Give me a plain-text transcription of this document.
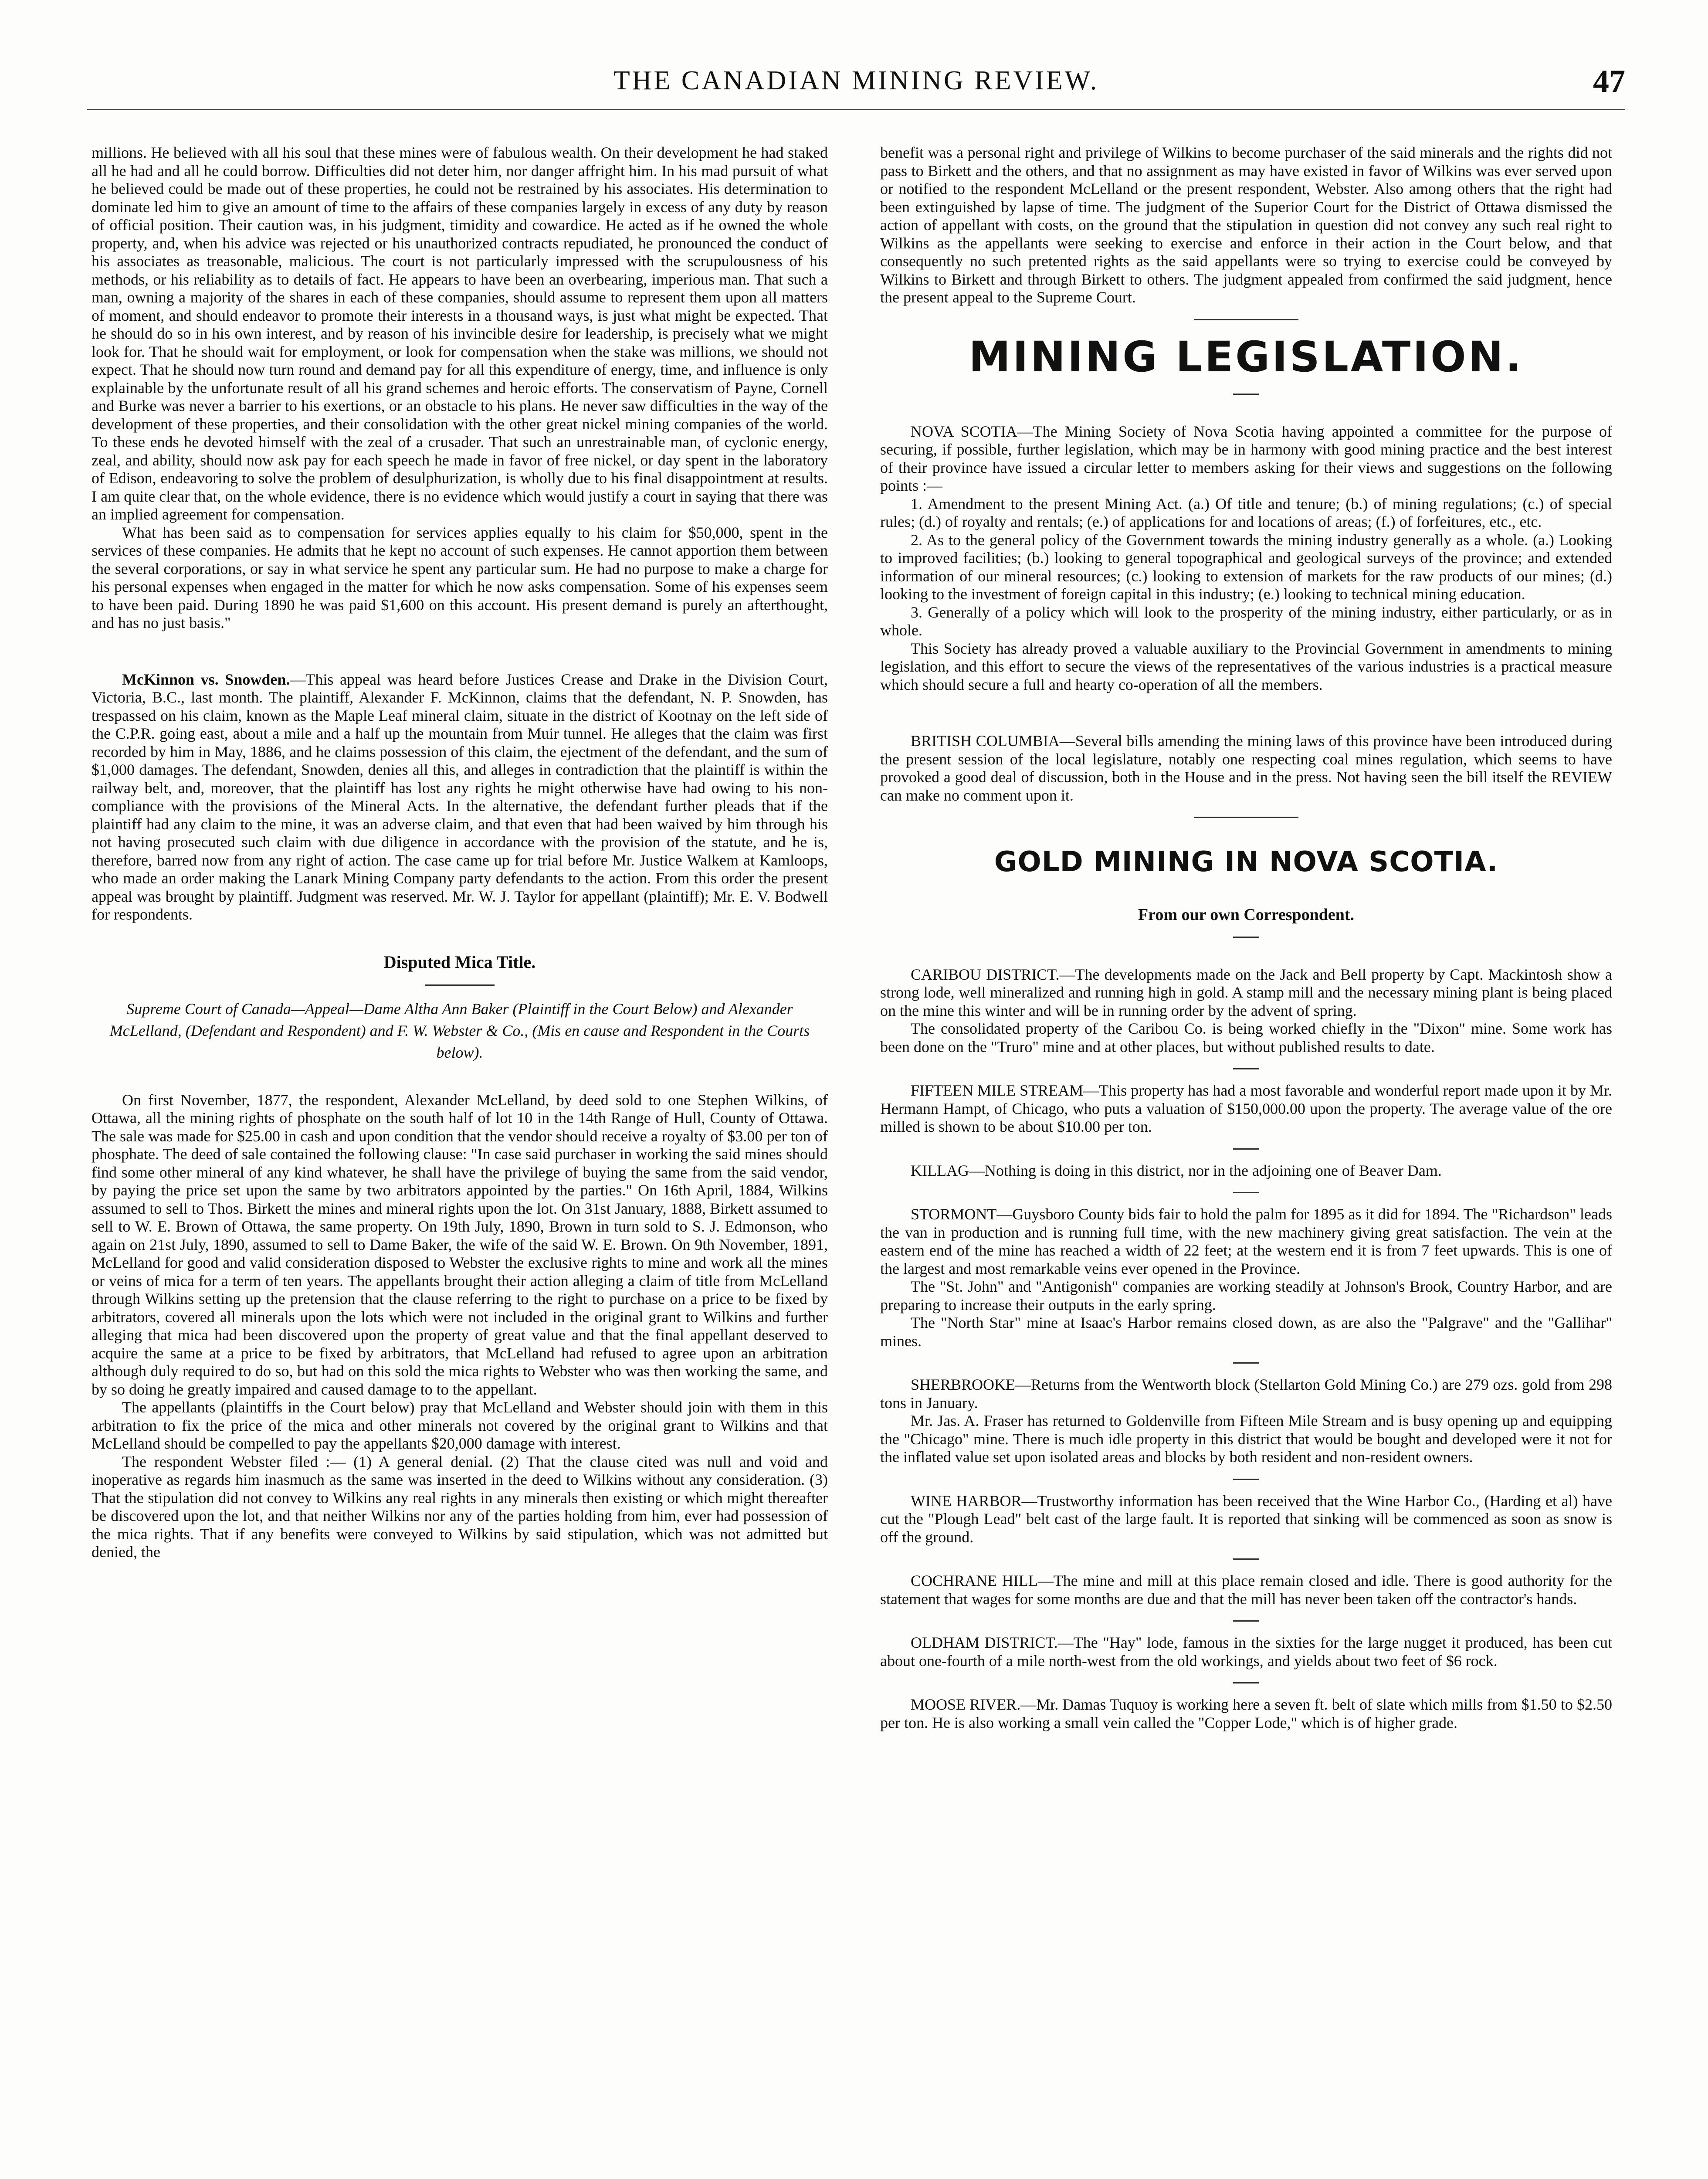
THE CANADIAN MINING REVIEW.	47

millions. He believed with all his soul that these mines were of fabulous wealth. On their development he had staked all he had and all he could borrow. Difficulties did not deter him, nor danger affright him. In his mad pursuit of what he believed could be made out of these properties, he could not be restrained by his associates. His determination to dominate led him to give an amount of time to the affairs of these companies largely in excess of any duty by reason of official position. Their caution was, in his judgment, timidity and cowardice. He acted as if he owned the whole property, and, when his advice was rejected or his unauthorized contracts repudiated, he pronounced the conduct of his associates as treasonable, malicious. The court is not particularly impressed with the scrupulousness of his methods, or his reliability as to details of fact. He appears to have been an overbearing, imperious man. That such a man, owning a majority of the shares in each of these companies, should assume to represent them upon all matters of moment, and should endeavor to promote their interests in a thousand ways, is just what might be expected. That he should do so in his own interest, and by reason of his invincible desire for leadership, is precisely what we might look for. That he should wait for employment, or look for compensation when the stake was millions, we should not expect. That he should now turn round and demand pay for all this expenditure of energy, time, and influence is only explainable by the unfortunate result of all his grand schemes and heroic efforts. The conservatism of Payne, Cornell and Burke was never a barrier to his exertions, or an obstacle to his plans. He never saw difficulties in the way of the development of these properties, and their consolidation with the other great nickel mining companies of the world. To these ends he devoted himself with the zeal of a crusader. That such an unrestrainable man, of cyclonic energy, zeal, and ability, should now ask pay for each speech he made in favor of free nickel, or day spent in the laboratory of Edison, endeavoring to solve the problem of desulphurization, is wholly due to his final disappointment at results. I am quite clear that, on the whole evidence, there is no evidence which would justify a court in saying that there was an implied agreement for compensation.

What has been said as to compensation for services applies equally to his claim for $50,000, spent in the services of these companies. He admits that he kept no account of such expenses. He cannot apportion them between the several corporations, or say in what service he spent any particular sum. He had no purpose to make a charge for his personal expenses when engaged in the matter for which he now asks compensation. Some of his expenses seem to have been paid. During 1890 he was paid $1,600 on this account. His present demand is purely an afterthought, and has no just basis."

McKinnon vs. Snowden.—This appeal was heard before Justices Crease and Drake in the Division Court, Victoria, B.C., last month. The plaintiff, Alexander F. McKinnon, claims that the defendant, N. P. Snowden, has trespassed on his claim, known as the Maple Leaf mineral claim, situate in the district of Kootnay on the left side of the C.P.R. going east, about a mile and a half up the mountain from Muir tunnel. He alleges that the claim was first recorded by him in May, 1886, and he claims possession of this claim, the ejectment of the defendant, and the sum of $1,000 damages. The defendant, Snowden, denies all this, and alleges in contradiction that the plaintiff is within the railway belt, and, moreover, that the plaintiff has lost any rights he might otherwise have had owing to his non-compliance with the provisions of the Mineral Acts. In the alternative, the defendant further pleads that if the plaintiff had any claim to the mine, it was an adverse claim, and that even that had been waived by him through his not having prosecuted such claim with due diligence in accordance with the provision of the statute, and he is, therefore, barred now from any right of action. The case came up for trial before Mr. Justice Walkem at Kamloops, who made an order making the Lanark Mining Company party defendants to the action. From this order the present appeal was brought by plaintiff. Judgment was reserved. Mr. W. J. Taylor for appellant (plaintiff); Mr. E. V. Bodwell for respondents.

Disputed Mica Title.

Supreme Court of Canada—Appeal—Dame Altha Ann Baker (Plaintiff in the Court Below) and Alexander McLelland, (Defendant and Respondent) and F. W. Webster & Co., (Mis en cause and Respondent in the Courts below).

On first November, 1877, the respondent, Alexander McLelland, by deed sold to one Stephen Wilkins, of Ottawa, all the mining rights of phosphate on the south half of lot 10 in the 14th Range of Hull, County of Ottawa. The sale was made for $25.00 in cash and upon condition that the vendor should receive a royalty of $3.00 per ton of phosphate. The deed of sale contained the following clause: "In case said purchaser in working the said mines should find some other mineral of any kind whatever, he shall have the privilege of buying the same from the said vendor, by paying the price set upon the same by two arbitrators appointed by the parties." On 16th April, 1884, Wilkins assumed to sell to Thos. Birkett the mines and mineral rights upon the lot. On 31st January, 1888, Birkett assumed to sell to W. E. Brown of Ottawa, the same property. On 19th July, 1890, Brown in turn sold to S. J. Edmonson, who again on 21st July, 1890, assumed to sell to Dame Baker, the wife of the said W. E. Brown. On 9th November, 1891, McLelland for good and valid consideration disposed to Webster the exclusive rights to mine and work all the mines or veins of mica for a term of ten years. The appellants brought their action alleging a claim of title from McLelland through Wilkins setting up the pretension that the clause referring to the right to purchase on a price to be fixed by arbitrators, covered all minerals upon the lots which were not included in the original grant to Wilkins and further alleging that mica had been discovered upon the property of great value and that the final appellant deserved to acquire the same at a price to be fixed by arbitrators, that McLelland had refused to agree upon an arbitration although duly required to do so, but had on this sold the mica rights to Webster who was then working the same, and by so doing he greatly impaired and caused damage to to the appellant.

The appellants (plaintiffs in the Court below) pray that McLelland and Webster should join with them in this arbitration to fix the price of the mica and other minerals not covered by the original grant to Wilkins and that McLelland should be compelled to pay the appellants $20,000 damage with interest.

The respondent Webster filed :— (1) A general denial. (2) That the clause cited was null and void and inoperative as regards him inasmuch as the same was inserted in the deed to Wilkins without any consideration. (3) That the stipulation did not convey to Wilkins any real rights in any minerals then existing or which might thereafter be discovered upon the lot, and that neither Wilkins nor any of the parties holding from him, ever had possession of the mica rights. That if any benefits were conveyed to Wilkins by said stipulation, which was not admitted but denied, the

benefit was a personal right and privilege of Wilkins to become purchaser of the said minerals and the rights did not pass to Birkett and the others, and that no assignment as may have existed in favor of Wilkins was ever served upon or notified to the respondent McLelland or the present respondent, Webster. Also among others that the right had been extinguished by lapse of time. The judgment of the Superior Court for the District of Ottawa dismissed the action of appellant with costs, on the ground that the stipulation in question did not convey any such real right to Wilkins as the appellants were seeking to exercise and enforce in their action in the Court below, and that consequently no such pretented rights as the said appellants were so trying to exercise could be conveyed by Wilkins to Birkett and through Birkett to others. The judgment appealed from confirmed the said judgment, hence the present appeal to the Supreme Court.

MINING LEGISLATION.

NOVA SCOTIA—The Mining Society of Nova Scotia having appointed a committee for the purpose of securing, if possible, further legislation, which may be in harmony with good mining practice and the best interest of their province have issued a circular letter to members asking for their views and suggestions on the following points :—

1. Amendment to the present Mining Act. (a.) Of title and tenure; (b.) of mining regulations; (c.) of special rules; (d.) of royalty and rentals; (e.) of applications for and locations of areas; (f.) of forfeitures, etc., etc.

2. As to the general policy of the Government towards the mining industry generally as a whole. (a.) Looking to improved facilities; (b.) looking to general topographical and geological surveys of the province; and extended information of our mineral resources; (c.) looking to extension of markets for the raw products of our mines; (d.) looking to the investment of foreign capital in this industry; (e.) looking to technical mining education.

3. Generally of a policy which will look to the prosperity of the mining industry, either particularly, or as in whole.

This Society has already proved a valuable auxiliary to the Provincial Government in amendments to mining legislation, and this effort to secure the views of the representatives of the various industries is a practical measure which should secure a full and hearty co-operation of all the members.

BRITISH COLUMBIA—Several bills amending the mining laws of this province have been introduced during the present session of the local legislature, notably one respecting coal mines regulation, which seems to have provoked a good deal of discussion, both in the House and in the press. Not having seen the bill itself the REVIEW can make no comment upon it.

GOLD MINING IN NOVA SCOTIA.

From our own Correspondent.

CARIBOU DISTRICT.—The developments made on the Jack and Bell property by Capt. Mackintosh show a strong lode, well mineralized and running high in gold. A stamp mill and the necessary mining plant is being placed on the mine this winter and will be in running order by the advent of spring.

The consolidated property of the Caribou Co. is being worked chiefly in the "Dixon" mine. Some work has been done on the "Truro" mine and at other places, but without published results to date.

FIFTEEN MILE STREAM—This property has had a most favorable and wonderful report made upon it by Mr. Hermann Hampt, of Chicago, who puts a valuation of $150,000.00 upon the property. The average value of the ore milled is shown to be about $10.00 per ton.

KILLAG—Nothing is doing in this district, nor in the adjoining one of Beaver Dam.

STORMONT—Guysboro County bids fair to hold the palm for 1895 as it did for 1894. The "Richardson" leads the van in production and is running full time, with the new machinery giving great satisfaction. The vein at the eastern end of the mine has reached a width of 22 feet; at the western end it is from 7 feet upwards. This is one of the largest and most remarkable veins ever opened in the Province.

The "St. John" and "Antigonish" companies are working steadily at Johnson's Brook, Country Harbor, and are preparing to increase their outputs in the early spring.

The "North Star" mine at Isaac's Harbor remains closed down, as are also the "Palgrave" and the "Gallihar" mines.

SHERBROOKE—Returns from the Wentworth block (Stellarton Gold Mining Co.) are 279 ozs. gold from 298 tons in January.

Mr. Jas. A. Fraser has returned to Goldenville from Fifteen Mile Stream and is busy opening up and equipping the "Chicago" mine. There is much idle property in this district that would be bought and developed were it not for the inflated value set upon isolated areas and blocks by both resident and non-resident owners.

WINE HARBOR—Trustworthy information has been received that the Wine Harbor Co., (Harding et al) have cut the "Plough Lead" belt cast of the large fault. It is reported that sinking will be commenced as soon as snow is off the ground.

COCHRANE HILL—The mine and mill at this place remain closed and idle. There is good authority for the statement that wages for some months are due and that the mill has never been taken off the contractor's hands.

OLDHAM DISTRICT.—The "Hay" lode, famous in the sixties for the large nugget it produced, has been cut about one-fourth of a mile north-west from the old workings, and yields about two feet of $6 rock.

MOOSE RIVER.—Mr. Damas Tuquoy is working here a seven ft. belt of slate which mills from $1.50 to $2.50 per ton. He is also working a small vein called the "Copper Lode," which is of higher grade.
